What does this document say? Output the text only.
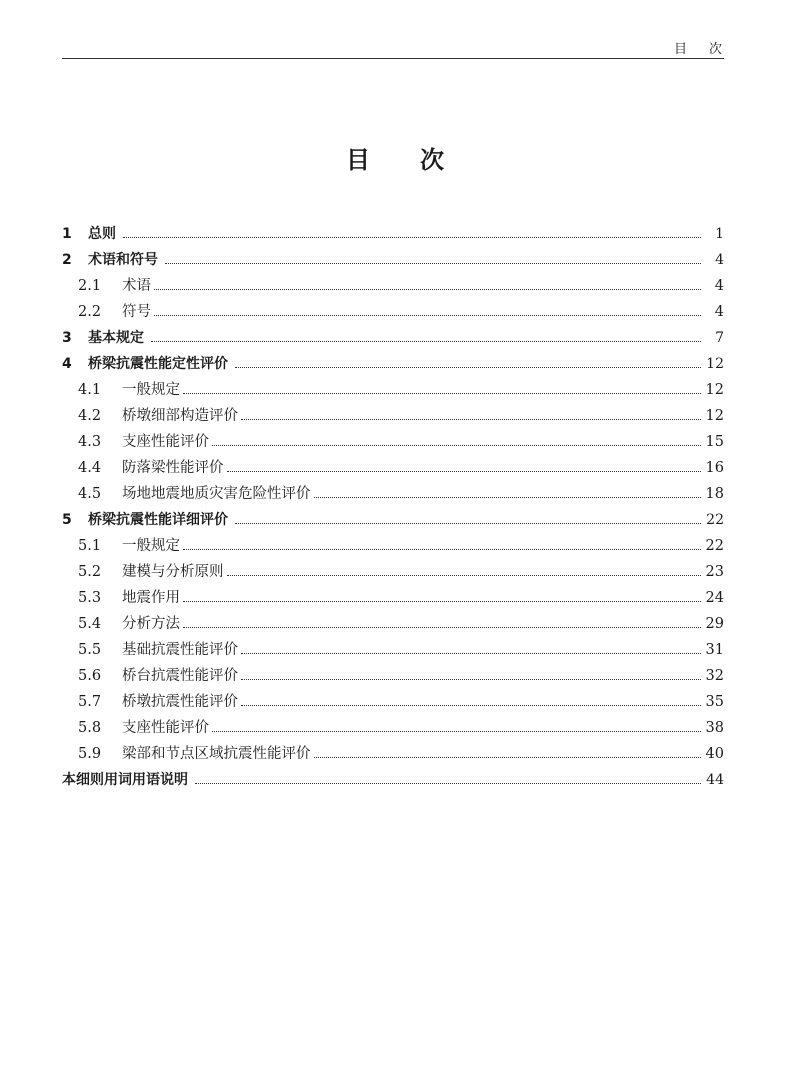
目次
目次
1	总则	1
2	术语和符号	4
2.1	术语	4
2.2	符号	4
3	基本规定	7
4	桥梁抗震性能定性评价	12
4.1	一般规定	12
4.2	桥墩细部构造评价	12
4.3	支座性能评价	15
4.4	防落梁性能评价	16
4.5	场地地震地质灾害危险性评价	18
5	桥梁抗震性能详细评价	22
5.1	一般规定	22
5.2	建模与分析原则	23
5.3	地震作用	24
5.4	分析方法	29
5.5	基础抗震性能评价	31
5.6	桥台抗震性能评价	32
5.7	桥墩抗震性能评价	35
5.8	支座性能评价	38
5.9	梁部和节点区域抗震性能评价	40
本细则用词用语说明	44
